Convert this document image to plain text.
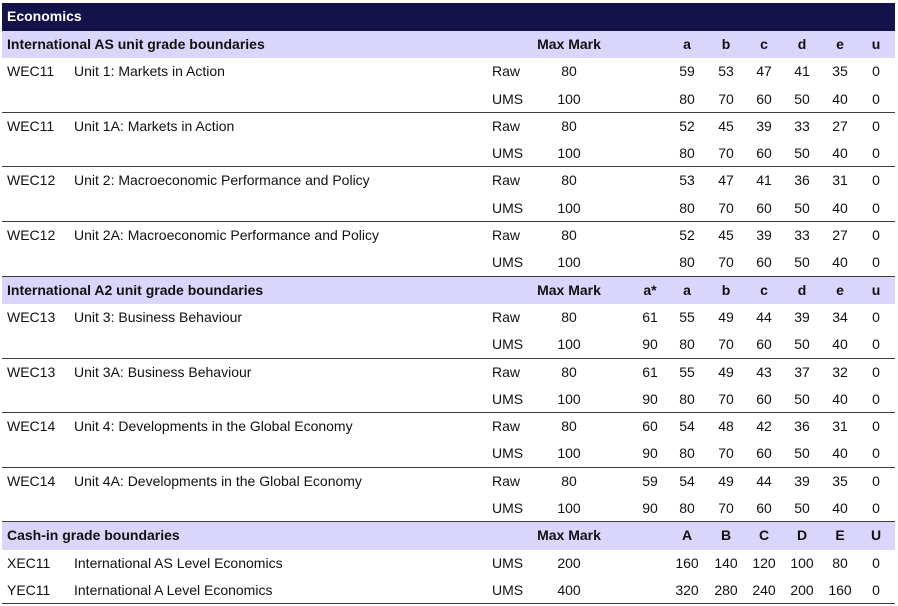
Economics
International AS unit grade boundaries	Max Mark	a	b	c	d	e	u
WEC11 Unit 1: Markets in Action	Raw	80	59	53	47	41	35	0
UMS	100	80	70	60	50	40	0
WEC11 Unit 1A: Markets in Action	Raw	80	52	45	39	33	27	0
UMS	100	80	70	60	50	40	0
WEC12 Unit 2: Macroeconomic Performance and Policy	Raw	80	53	47	41	36	31	0
UMS	100	80	70	60	50	40	0
WEC12 Unit 2A: Macroeconomic Performance and Policy	Raw	80	52	45	39	33	27	0
UMS	100	80	70	60	50	40	0
International A2 unit grade boundaries	Max Mark	a*	a	b	c	d	e	u
WEC13 Unit 3: Business Behaviour	Raw	80	61	55	49	44	39	34	0
UMS	100	90	80	70	60	50	40	0
WEC13 Unit 3A: Business Behaviour	Raw	80	61	55	49	43	37	32	0
UMS	100	90	80	70	60	50	40	0
WEC14 Unit 4: Developments in the Global Economy	Raw	80	60	54	48	42	36	31	0
UMS	100	90	80	70	60	50	40	0
WEC14 Unit 4A: Developments in the Global Economy	Raw	80	59	54	49	44	39	35	0
UMS	100	90	80	70	60	50	40	0
Cash-in grade boundaries	Max Mark	A	B	C	D	E	U
XEC11 International AS Level Economics	UMS	200	160	140	120	100	80	0
YEC11 International A Level Economics	UMS	400	320	280	240	200	160	0
